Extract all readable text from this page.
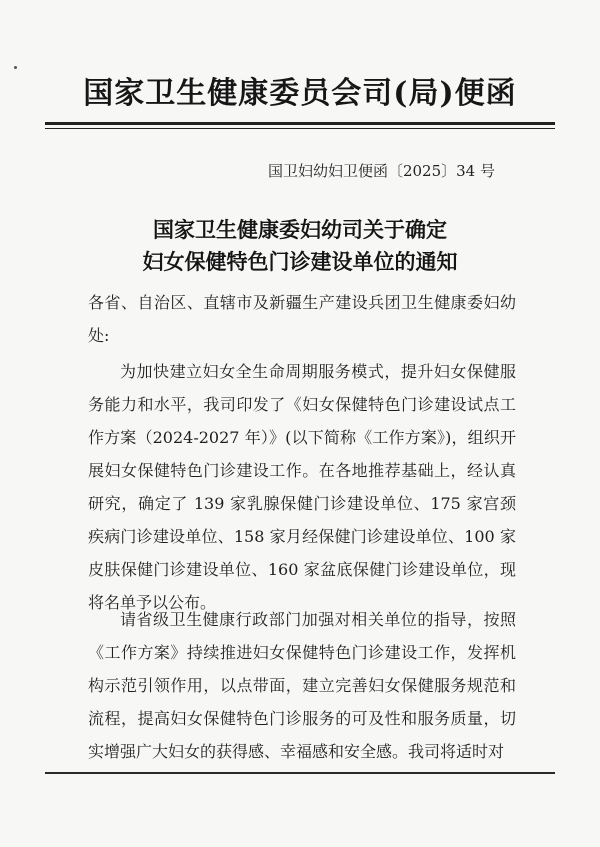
国家卫生健康委员会司(局)便函
国卫妇幼妇卫便函〔2025〕34 号
国家卫生健康委妇幼司关于确定
妇女保健特色门诊建设单位的通知
各省、自治区、直辖市及新疆生产建设兵团卫生健康委妇幼处:
为加快建立妇女全生命周期服务模式，提升妇女保健服务能力和水平，我司印发了《妇女保健特色门诊建设试点工作方案（2024-2027 年）》(以下简称《工作方案》)，组织开展妇女保健特色门诊建设工作。在各地推荐基础上，经认真研究，确定了 139 家乳腺保健门诊建设单位、175 家宫颈疾病门诊建设单位、158 家月经保健门诊建设单位、100 家皮肤保健门诊建设单位、160 家盆底保健门诊建设单位，现将名单予以公布。
请省级卫生健康行政部门加强对相关单位的指导，按照《工作方案》持续推进妇女保健特色门诊建设工作，发挥机构示范引领作用，以点带面，建立完善妇女保健服务规范和流程，提高妇女保健特色门诊服务的可及性和服务质量，切实增强广大妇女的获得感、幸福感和安全感。我司将适时对
